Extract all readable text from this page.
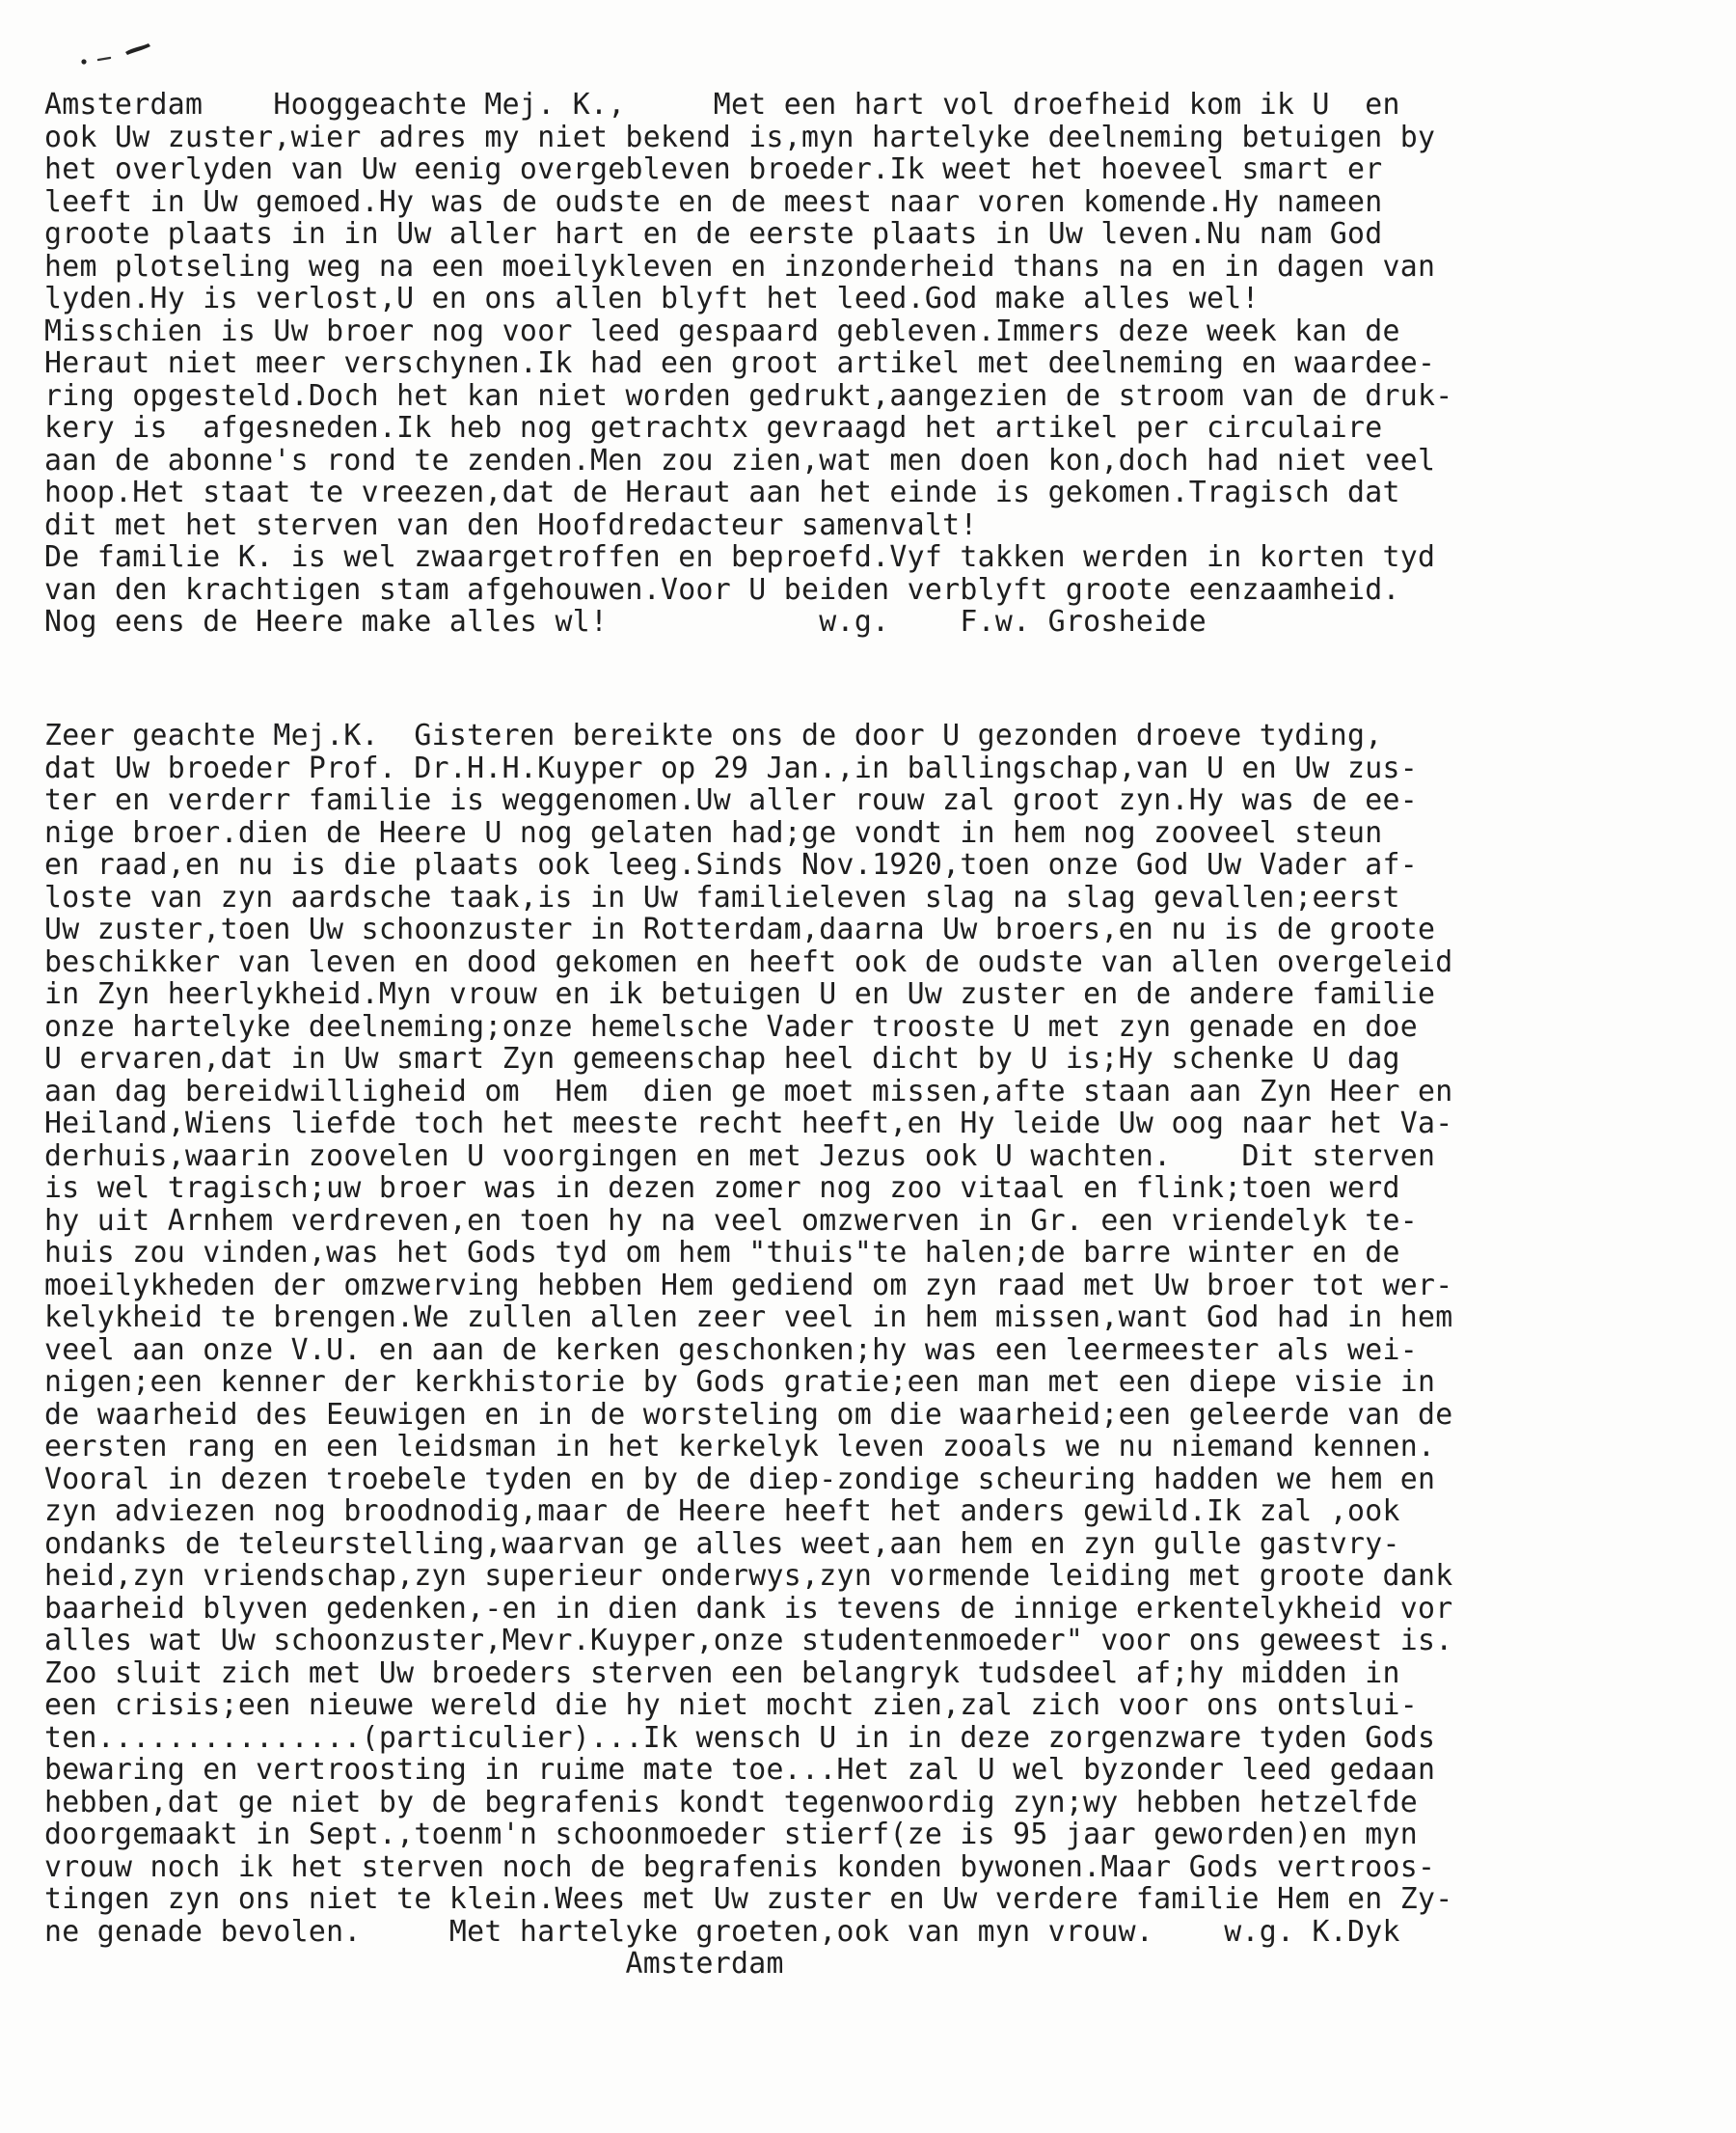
Amsterdam    Hooggeachte Mej. K.,     Met een hart vol droefheid kom ik U  en
ook Uw zuster,wier adres my niet bekend is,myn hartelyke deelneming betuigen by
het overlyden van Uw eenig overgebleven broeder.Ik weet het hoeveel smart er
leeft in Uw gemoed.Hy was de oudste en de meest naar voren komende.Hy nameen
groote plaats in in Uw aller hart en de eerste plaats in Uw leven.Nu nam God
hem plotseling weg na een moeilykleven en inzonderheid thans na en in dagen van
lyden.Hy is verlost,U en ons allen blyft het leed.God make alles wel!
Misschien is Uw broer nog voor leed gespaard gebleven.Immers deze week kan de
Heraut niet meer verschynen.Ik had een groot artikel met deelneming en waardee-
ring opgesteld.Doch het kan niet worden gedrukt,aangezien de stroom van de druk-
kery is  afgesneden.Ik heb nog getrachtx gevraagd het artikel per circulaire
aan de abonne's rond te zenden.Men zou zien,wat men doen kon,doch had niet veel
hoop.Het staat te vreezen,dat de Heraut aan het einde is gekomen.Tragisch dat
dit met het sterven van den Hoofdredacteur samenvalt!
De familie K. is wel zwaargetroffen en beproefd.Vyf takken werden in korten tyd
van den krachtigen stam afgehouwen.Voor U beiden verblyft groote eenzaamheid.
Nog eens de Heere make alles wl!            w.g.    F.w. Grosheide
Zeer geachte Mej.K.  Gisteren bereikte ons de door U gezonden droeve tyding,
dat Uw broeder Prof. Dr.H.H.Kuyper op 29 Jan.,in ballingschap,van U en Uw zus-
ter en verderr familie is weggenomen.Uw aller rouw zal groot zyn.Hy was de ee-
nige broer.dien de Heere U nog gelaten had;ge vondt in hem nog zooveel steun
en raad,en nu is die plaats ook leeg.Sinds Nov.1920,toen onze God Uw Vader af-
loste van zyn aardsche taak,is in Uw familieleven slag na slag gevallen;eerst
Uw zuster,toen Uw schoonzuster in Rotterdam,daarna Uw broers,en nu is de groote
beschikker van leven en dood gekomen en heeft ook de oudste van allen overgeleid
in Zyn heerlykheid.Myn vrouw en ik betuigen U en Uw zuster en de andere familie
onze hartelyke deelneming;onze hemelsche Vader trooste U met zyn genade en doe
U ervaren,dat in Uw smart Zyn gemeenschap heel dicht by U is;Hy schenke U dag
aan dag bereidwilligheid om  Hem  dien ge moet missen,afte staan aan Zyn Heer en
Heiland,Wiens liefde toch het meeste recht heeft,en Hy leide Uw oog naar het Va-
derhuis,waarin zoovelen U voorgingen en met Jezus ook U wachten.    Dit sterven
is wel tragisch;uw broer was in dezen zomer nog zoo vitaal en flink;toen werd
hy uit Arnhem verdreven,en toen hy na veel omzwerven in Gr. een vriendelyk te-
huis zou vinden,was het Gods tyd om hem "thuis"te halen;de barre winter en de
moeilykheden der omzwerving hebben Hem gediend om zyn raad met Uw broer tot wer-
kelykheid te brengen.We zullen allen zeer veel in hem missen,want God had in hem
veel aan onze V.U. en aan de kerken geschonken;hy was een leermeester als wei-
nigen;een kenner der kerkhistorie by Gods gratie;een man met een diepe visie in
de waarheid des Eeuwigen en in de worsteling om die waarheid;een geleerde van de
eersten rang en een leidsman in het kerkelyk leven zooals we nu niemand kennen.
Vooral in dezen troebele tyden en by de diep-zondige scheuring hadden we hem en
zyn adviezen nog broodnodig,maar de Heere heeft het anders gewild.Ik zal ,ook
ondanks de teleurstelling,waarvan ge alles weet,aan hem en zyn gulle gastvry-
heid,zyn vriendschap,zyn superieur onderwys,zyn vormende leiding met groote dank
baarheid blyven gedenken,-en in dien dank is tevens de innige erkentelykheid vor
alles wat Uw schoonzuster,Mevr.Kuyper,onze studentenmoeder" voor ons geweest is.
Zoo sluit zich met Uw broeders sterven een belangryk tudsdeel af;hy midden in
een crisis;een nieuwe wereld die hy niet mocht zien,zal zich voor ons ontslui-
ten...............(particulier)...Ik wensch U in in deze zorgenzware tyden Gods
bewaring en vertroosting in ruime mate toe...Het zal U wel byzonder leed gedaan
hebben,dat ge niet by de begrafenis kondt tegenwoordig zyn;wy hebben hetzelfde
doorgemaakt in Sept.,toenm'n schoonmoeder stierf(ze is 95 jaar geworden)en myn
vrouw noch ik het sterven noch de begrafenis konden bywonen.Maar Gods vertroos-
tingen zyn ons niet te klein.Wees met Uw zuster en Uw verdere familie Hem en Zy-
ne genade bevolen.     Met hartelyke groeten,ook van myn vrouw.    w.g. K.Dyk
Amsterdam
